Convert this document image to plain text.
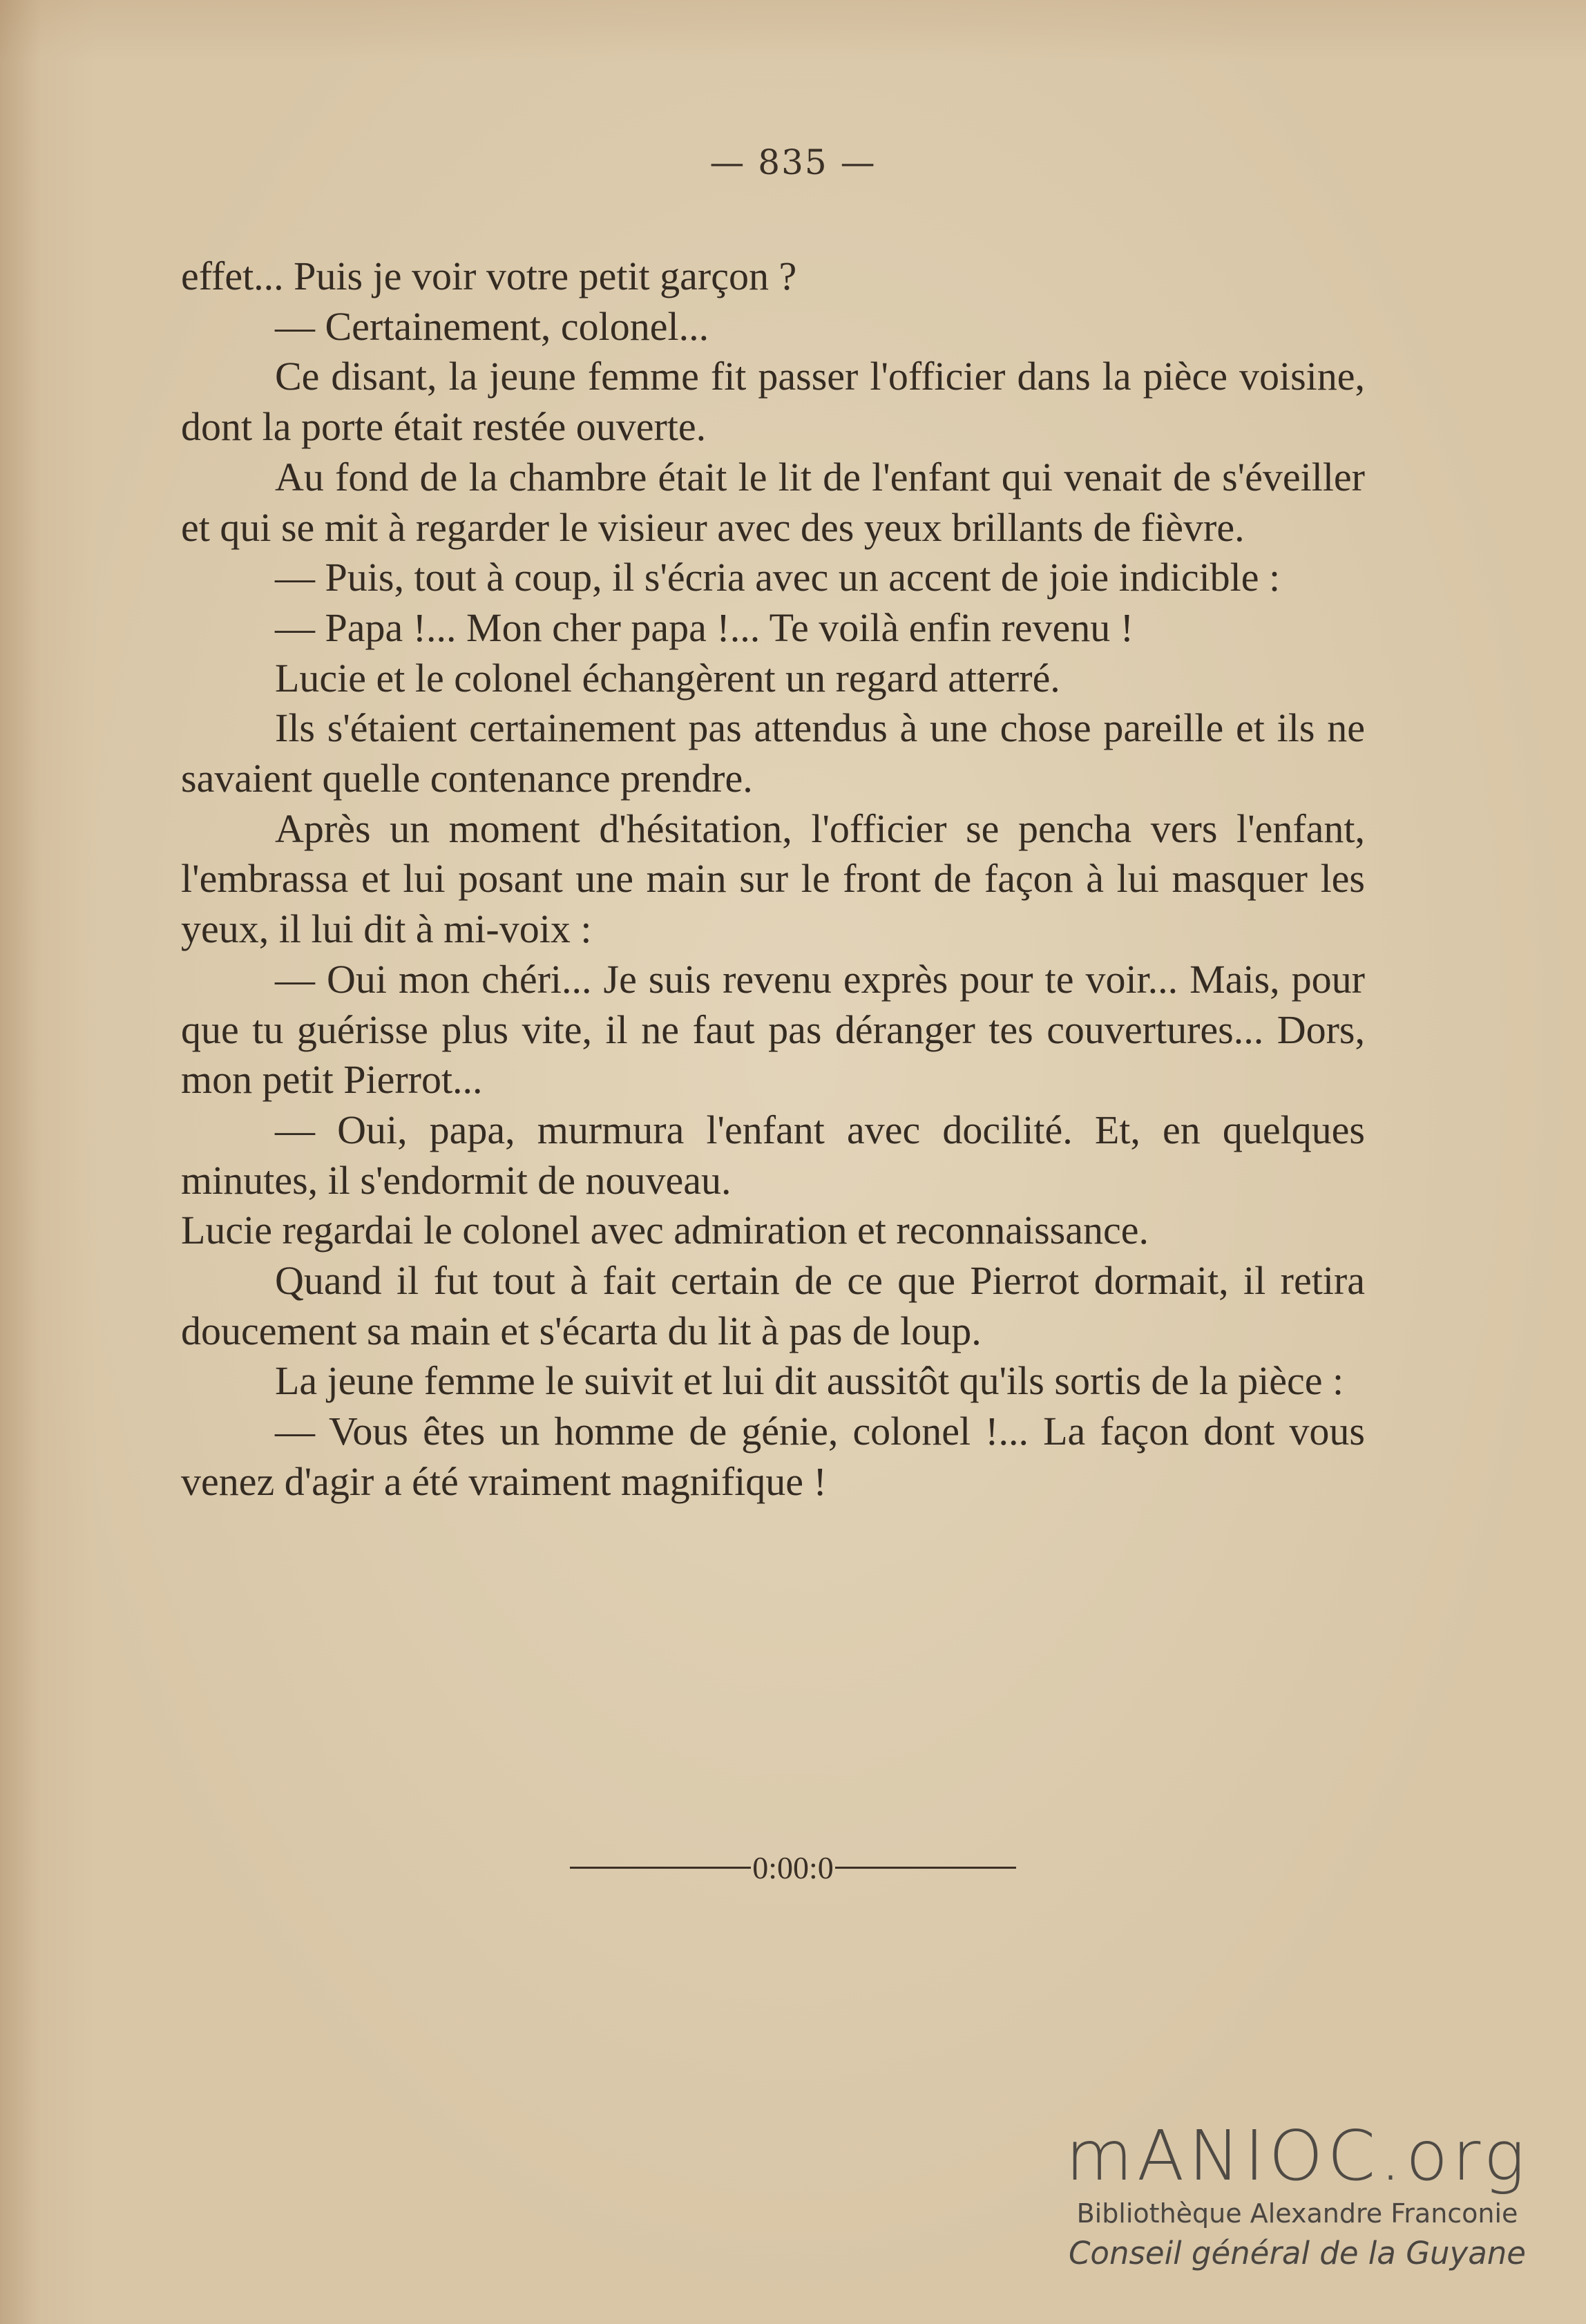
— 835 —

effet... Puis je voir votre petit garçon ?

— Certainement, colonel...

Ce disant, la jeune femme fit passer l'officier dans la pièce voisine, dont la porte était restée ouverte.

Au fond de la chambre était le lit de l'enfant qui venait de s'éveiller et qui se mit à regarder le visieur avec des yeux brillants de fièvre.

— Puis, tout à coup, il s'écria avec un accent de joie indicible :

— Papa !... Mon cher papa !... Te voilà enfin revenu !

Lucie et le colonel échangèrent un regard atterré.

Ils s'étaient certainement pas attendus à une chose pareille et ils ne savaient quelle contenance prendre.

Après un moment d'hésitation, l'officier se pencha vers l'enfant, l'embrassa et lui posant une main sur le front de façon à lui masquer les yeux, il lui dit à mi-voix :

— Oui mon chéri... Je suis revenu exprès pour te voir... Mais, pour que tu guérisse plus vite, il ne faut pas déranger tes couvertures... Dors, mon petit Pierrot...

— Oui, papa, murmura l'enfant avec docilité. Et, en quelques minutes, il s'endormit de nouveau.

Lucie regardai le colonel avec admiration et reconnaissance.

Quand il fut tout à fait certain de ce que Pierrot dormait, il retira doucement sa main et s'écarta du lit à pas de loup.

La jeune femme le suivit et lui dit aussitôt qu'ils sortis de la pièce :

— Vous êtes un homme de génie, colonel !... La façon dont vous venez d'agir a été vraiment magnifique !

0:00:0
mANIOC.org
Bibliothèque Alexandre Franconie
Conseil général de la Guyane
